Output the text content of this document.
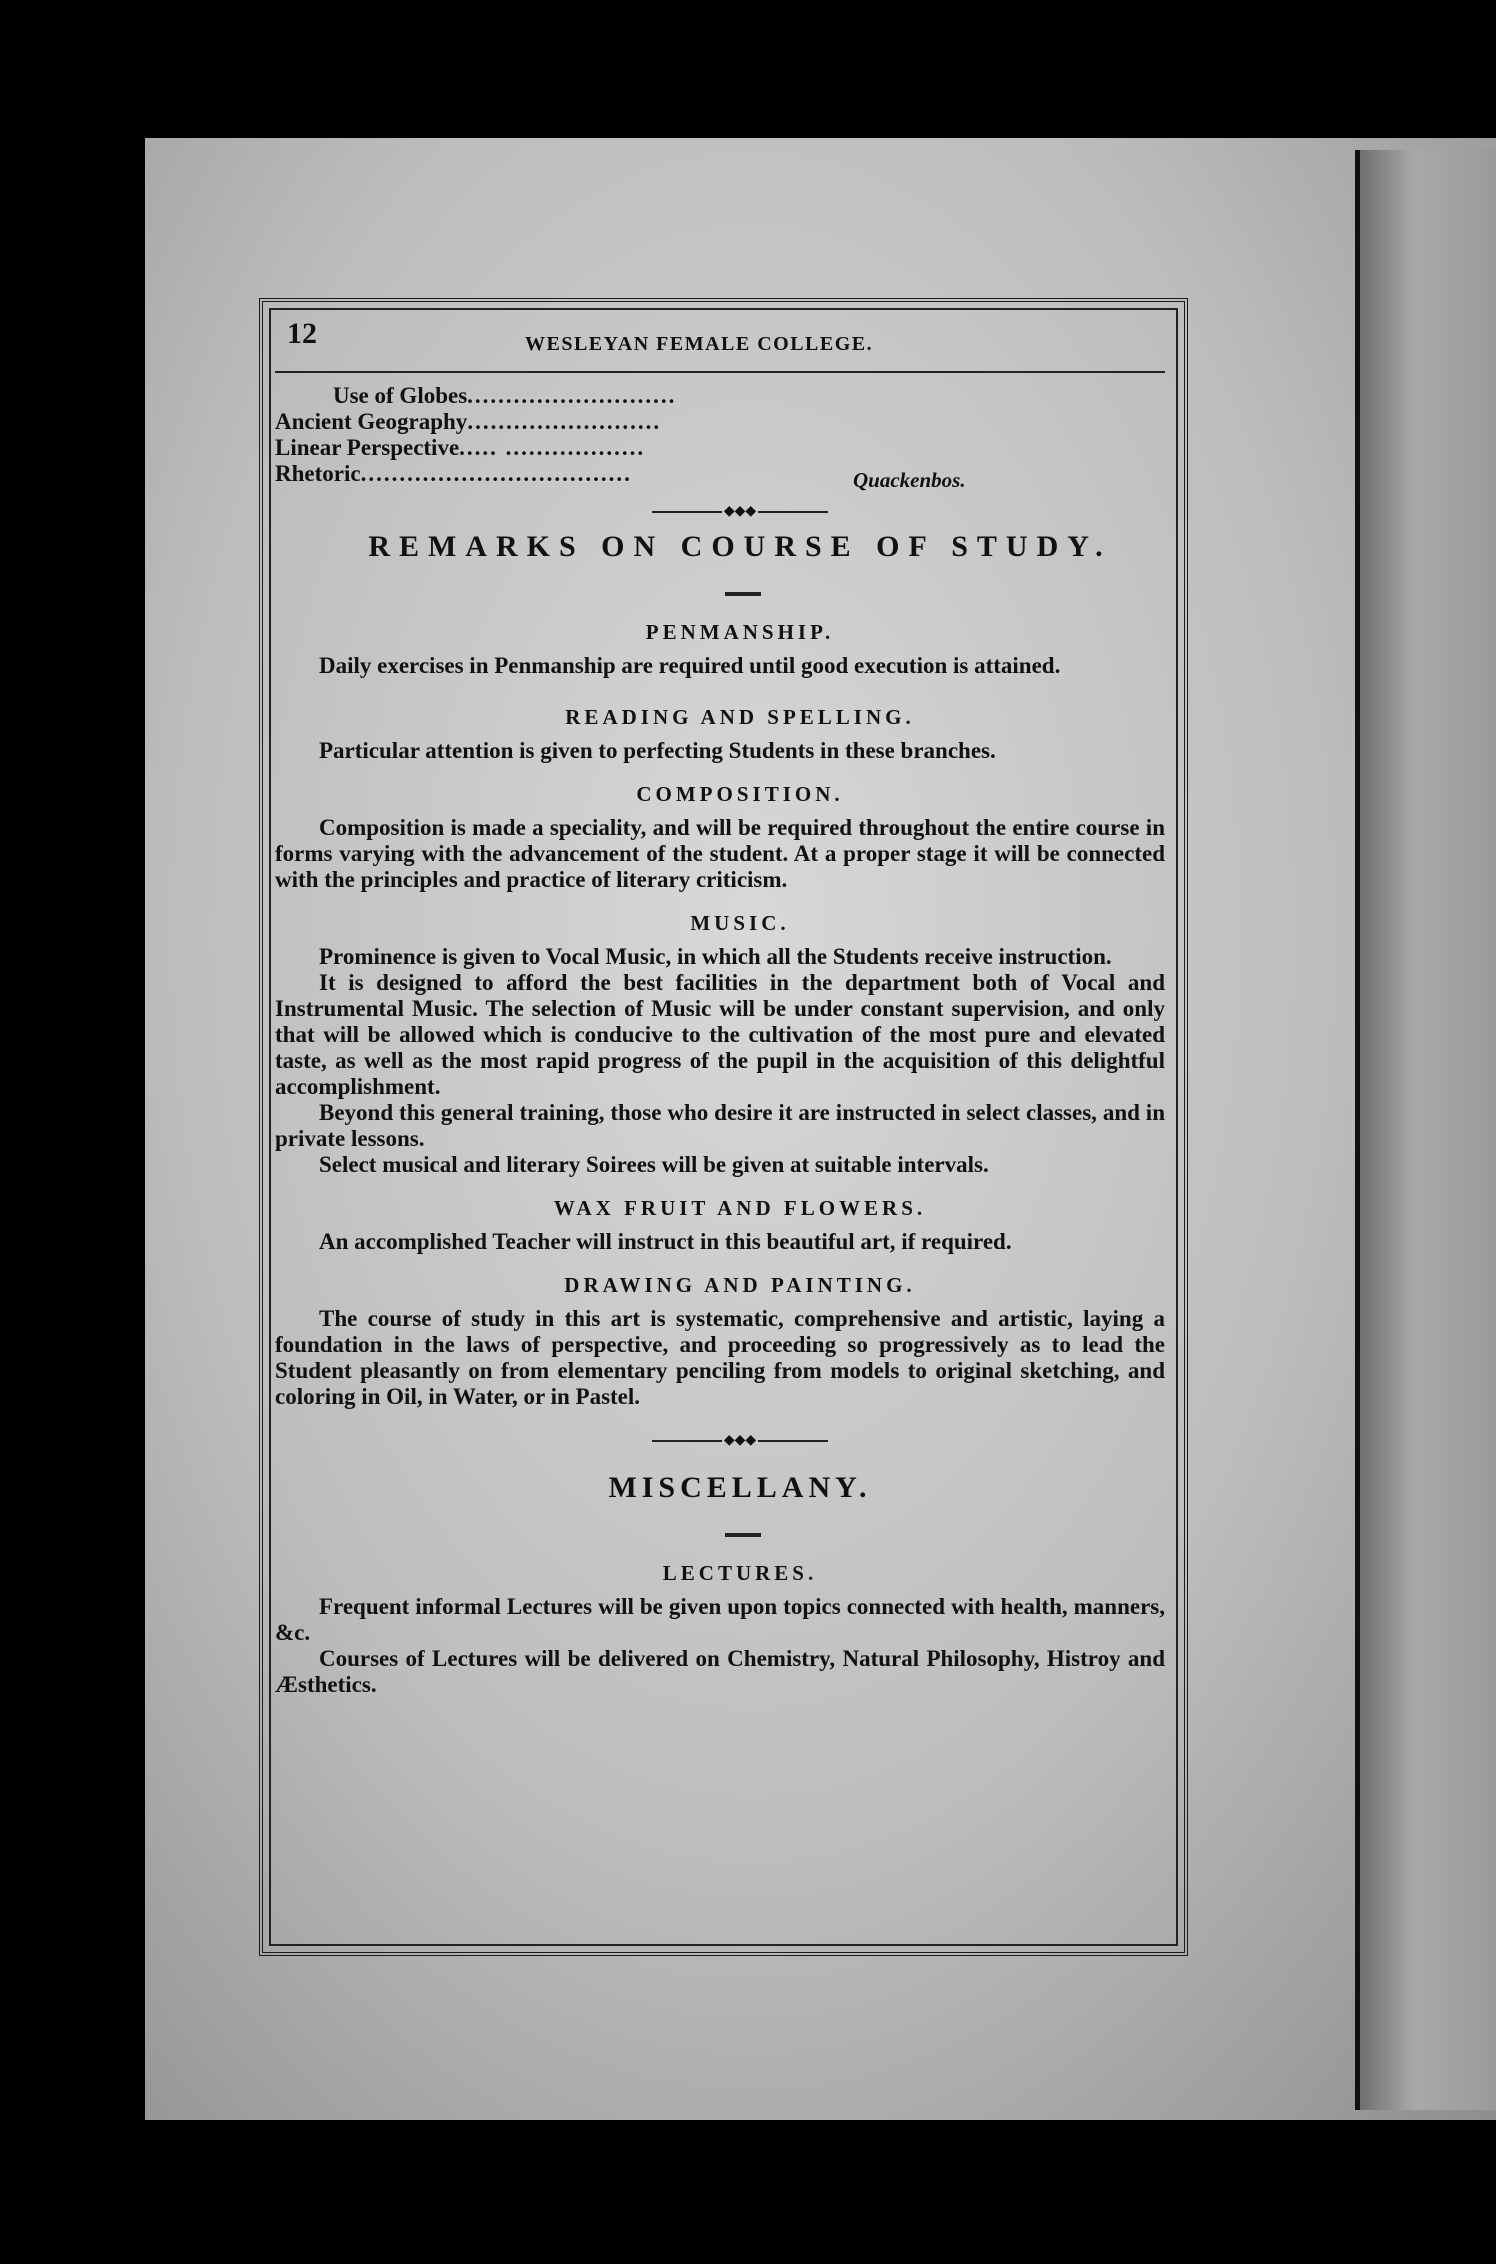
12	WESLEYAN FEMALE COLLEGE.
Use of Globes...........................
Ancient Geography.........................
Linear Perspective..... ..................
Rhetoric...................................	Quackenbos.
◆◆◆
REMARKS ON COURSE OF STUDY.
PENMANSHIP.

Daily exercises in Penmanship are required until good execution is attained.

READING AND SPELLING.

Particular attention is given to perfecting Students in these branches.

COMPOSITION.

Composition is made a speciality, and will be required throughout the entire course in forms varying with the advancement of the student. At a proper stage it will be connected with the principles and practice of literary criticism.

MUSIC.

Prominence is given to Vocal Music, in which all the Students receive instruction.

It is designed to afford the best facilities in the department both of Vocal and Instrumental Music. The selection of Music will be under constant supervision, and only that will be allowed which is conducive to the cultivation of the most pure and elevated taste, as well as the most rapid progress of the pupil in the acquisition of this delightful accomplishment.

Beyond this general training, those who desire it are instructed in select classes, and in private lessons.

Select musical and literary Soirees will be given at suitable intervals.

WAX FRUIT AND FLOWERS.

An accomplished Teacher will instruct in this beautiful art, if required.

DRAWING AND PAINTING.

The course of study in this art is systematic, comprehensive and artistic, laying a foundation in the laws of perspective, and proceeding so progressively as to lead the Student pleasantly on from elementary penciling from models to original sketching, and coloring in Oil, in Water, or in Pastel.

◆◆◆
MISCELLANY.
LECTURES.

Frequent informal Lectures will be given upon topics connected with health, manners, &c.

Courses of Lectures will be delivered on Chemistry, Natural Philosophy, Histroy and Æsthetics.
